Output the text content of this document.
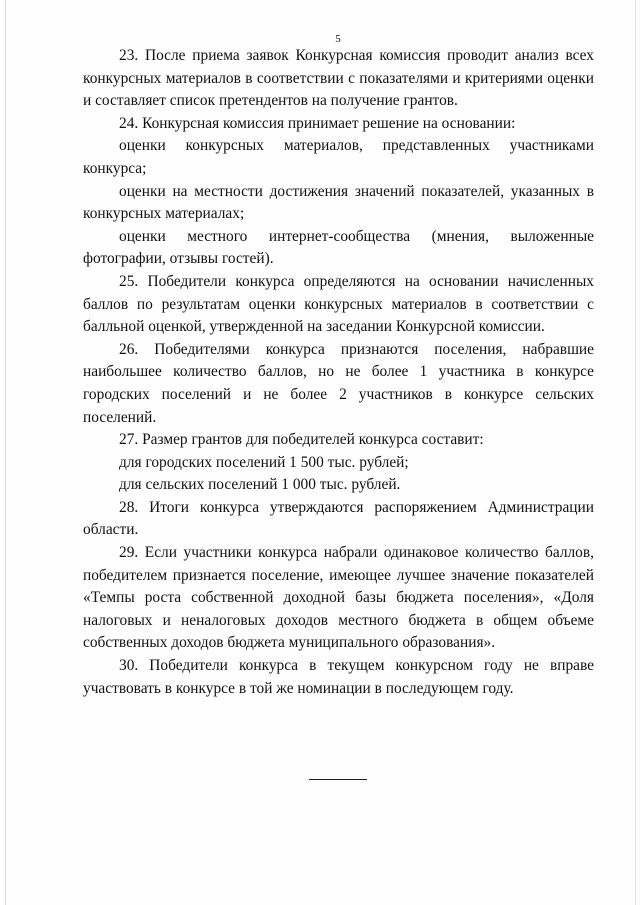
5

23. После приема заявок Конкурсная комиссия проводит анализ всех конкурсных материалов в соответствии с показателями и критериями оценки и составляет список претендентов на получение грантов.

24. Конкурсная комиссия принимает решение на основании:

оценки конкурсных материалов, представленных участниками конкурса;

оценки на местности достижения значений показателей, указанных в конкурсных материалах;

оценки местного интернет-сообщества (мнения, выложенные фотографии, отзывы гостей).

25. Победители конкурса определяются на основании начисленных баллов по результатам оценки конкурсных материалов в соответствии с балльной оценкой, утвержденной на заседании Конкурсной комиссии.

26. Победителями конкурса признаются поселения, набравшие наибольшее количество баллов, но не более 1 участника в конкурсе городских поселений и не более 2 участников в конкурсе сельских поселений.

27. Размер грантов для победителей конкурса составит:

для городских поселений 1 500 тыс. рублей;

для сельских поселений 1 000 тыс. рублей.

28. Итоги конкурса утверждаются распоряжением Администрации области.

29. Если участники конкурса набрали одинаковое количество баллов, победителем признается поселение, имеющее лучшее значение показателей «Темпы роста собственной доходной базы бюджета поселения», «Доля налоговых и неналоговых доходов местного бюджета в общем объеме собственных доходов бюджета муниципального образования».

30. Победители конкурса в текущем конкурсном году не вправе участвовать в конкурсе в той же номинации в последующем году.
